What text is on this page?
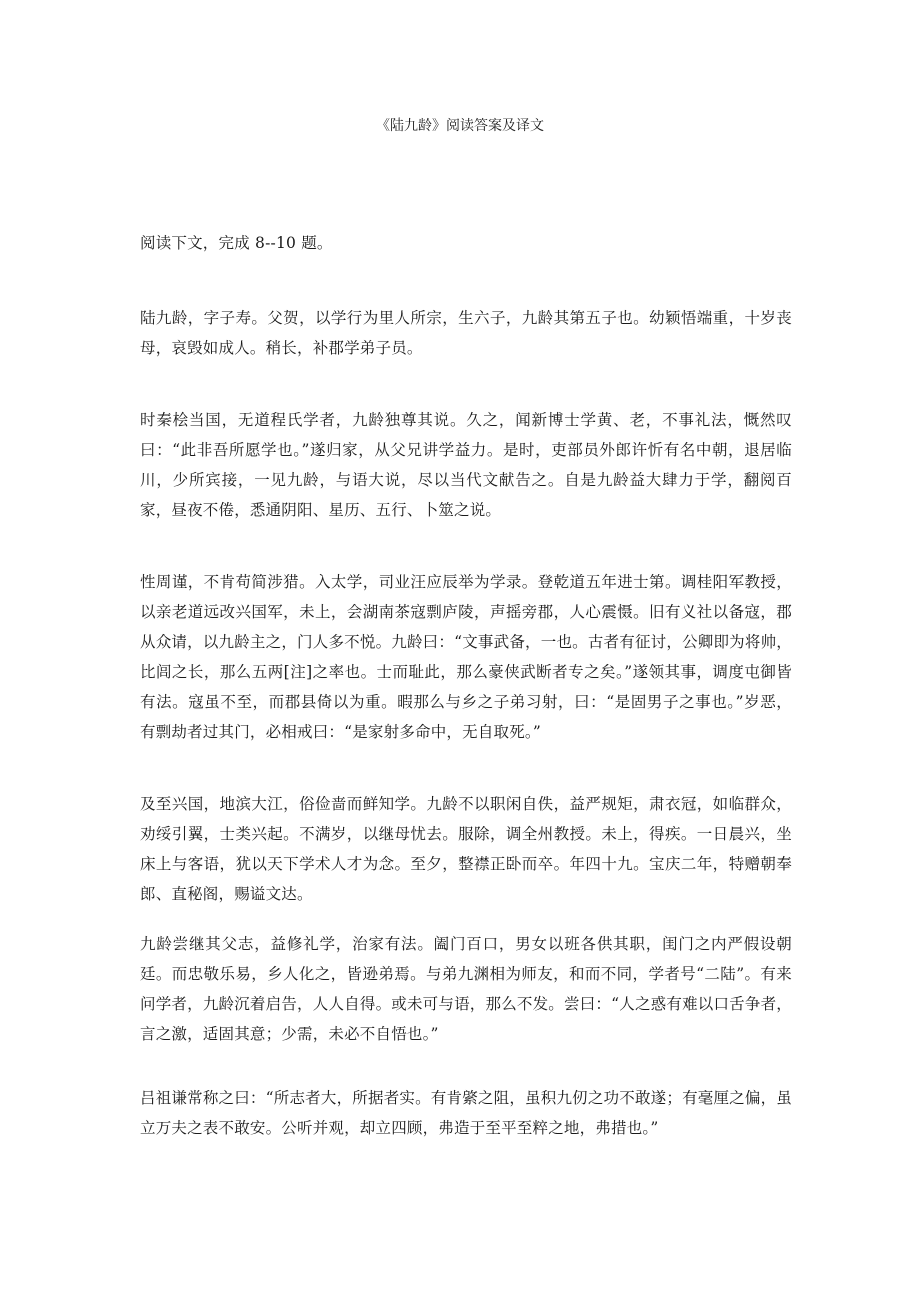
《陆九龄》阅读答案及译文

阅读下文，完成 8--10 题。

陆九龄，字子寿。父贺，以学行为里人所宗，生六子，九龄其第五子也。幼颖悟端重，十岁丧母，哀毁如成人。稍长，补郡学弟子员。

时秦桧当国，无道程氏学者，九龄独尊其说。久之，闻新博士学黄、老，不事礼法，慨然叹曰：“此非吾所愿学也。”遂归家，从父兄讲学益力。是时，吏部员外郎许忻有名中朝，退居临川，少所宾接，一见九龄，与语大说，尽以当代文献告之。自是九龄益大肆力于学，翻阅百家，昼夜不倦，悉通阴阳、星历、五行、卜筮之说。

性周谨，不肯苟简涉猎。入太学，司业汪应辰举为学录。登乾道五年进士第。调桂阳军教授，以亲老道远改兴国军，未上，会湖南茶寇剽庐陵，声摇旁郡，人心震慑。旧有义社以备寇，郡从众请，以九龄主之，门人多不悦。九龄曰：“文事武备，一也。古者有征讨，公卿即为将帅，比闾之长，那么五两[注]之率也。士而耻此，那么豪侠武断者专之矣。”遂领其事，调度屯御皆有法。寇虽不至，而郡县倚以为重。暇那么与乡之子弟习射，曰：“是固男子之事也。”岁恶，有剽劫者过其门，必相戒曰：“是家射多命中，无自取死。”

及至兴国，地滨大江，俗俭啬而鲜知学。九龄不以职闲自佚，益严规矩，肃衣冠，如临群众，劝绥引翼，士类兴起。不满岁，以继母忧去。服除，调全州教授。未上，得疾。一日晨兴，坐床上与客语，犹以天下学术人才为念。至夕，整襟正卧而卒。年四十九。宝庆二年，特赠朝奉郎、直秘阁，赐谥文达。

九龄尝继其父志，益修礼学，治家有法。阖门百口，男女以班各供其职，闺门之内严假设朝廷。而忠敬乐易，乡人化之，皆逊弟焉。与弟九渊相为师友，和而不同，学者号“二陆”。有来问学者，九龄沉着启告，人人自得。或未可与语，那么不发。尝曰：“人之惑有难以口舌争者，言之激，适固其意；少需，未必不自悟也。”

吕祖谦常称之曰：“所志者大，所据者实。有肯綮之阻，虽积九仞之功不敢遂；有毫厘之偏，虽立万夫之表不敢安。公听并观，却立四顾，弗造于至平至粹之地，弗措也。”
